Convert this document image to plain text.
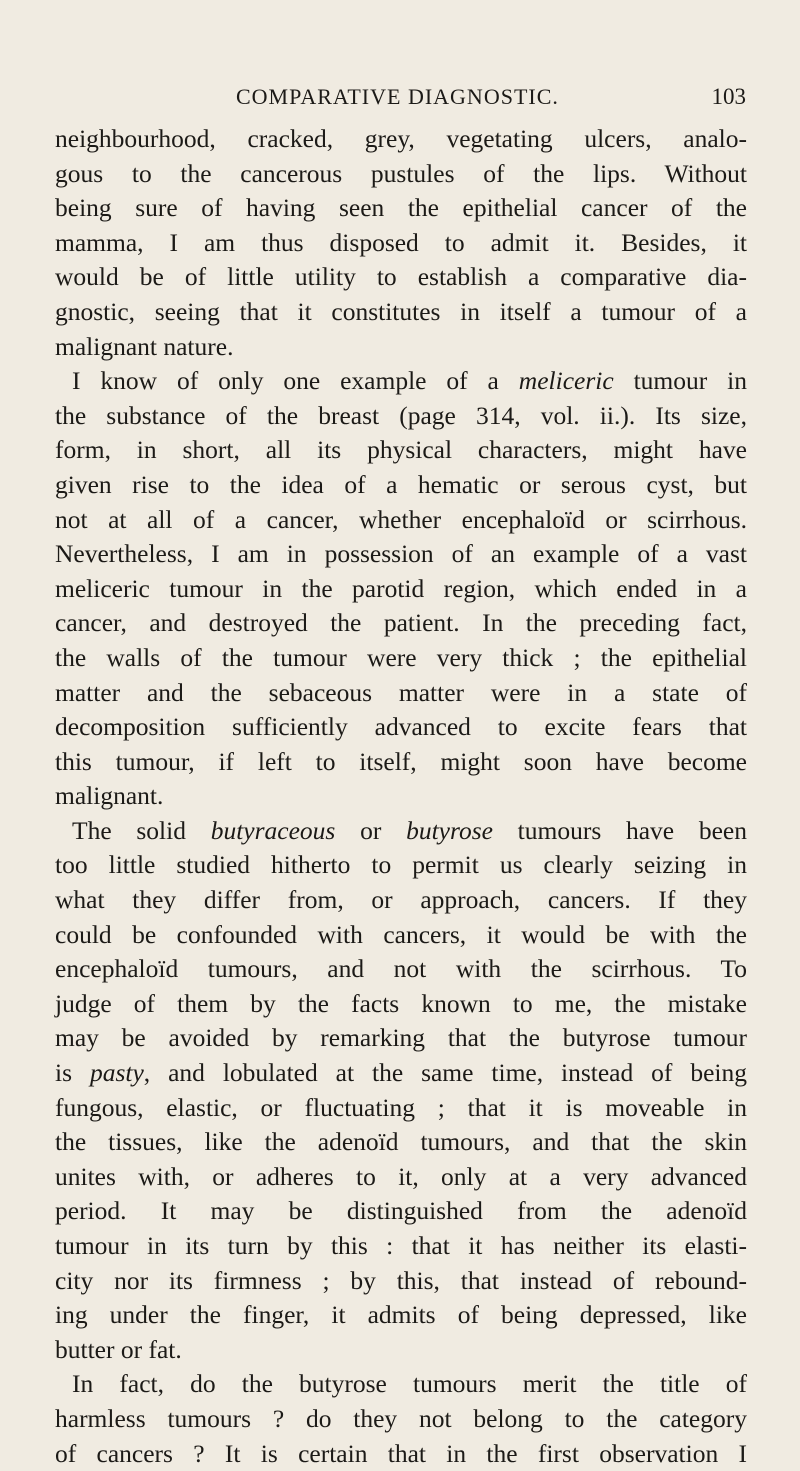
COMPARATIVE DIAGNOSTIC.	103
neighbourhood, cracked, grey, vegetating ulcers, analo-
gous to the cancerous pustules of the lips. Without
being sure of having seen the epithelial cancer of the
mamma, I am thus disposed to admit it. Besides, it
would be of little utility to establish a comparative dia-
gnostic, seeing that it constitutes in itself a tumour of a
malignant nature.
I know of only one example of a meliceric tumour in
the substance of the breast (page 314, vol. ii.). Its size,
form, in short, all its physical characters, might have
given rise to the idea of a hematic or serous cyst, but
not at all of a cancer, whether encephaloïd or scirrhous.
Nevertheless, I am in possession of an example of a vast
meliceric tumour in the parotid region, which ended in a
cancer, and destroyed the patient. In the preceding fact,
the walls of the tumour were very thick ; the epithelial
matter and the sebaceous matter were in a state of
decomposition sufficiently advanced to excite fears that
this tumour, if left to itself, might soon have become
malignant.
The solid butyraceous or butyrose tumours have been
too little studied hitherto to permit us clearly seizing in
what they differ from, or approach, cancers. If they
could be confounded with cancers, it would be with the
encephaloïd tumours, and not with the scirrhous. To
judge of them by the facts known to me, the mistake
may be avoided by remarking that the butyrose tumour
is pasty, and lobulated at the same time, instead of being
fungous, elastic, or fluctuating ; that it is moveable in
the tissues, like the adenoïd tumours, and that the skin
unites with, or adheres to it, only at a very advanced
period. It may be distinguished from the adenoïd
tumour in its turn by this : that it has neither its elasti-
city nor its firmness ; by this, that instead of rebound-
ing under the finger, it admits of being depressed, like
butter or fat.
In fact, do the butyrose tumours merit the title of
harmless tumours ? do they not belong to the category
of cancers ? It is certain that in the first observation I
